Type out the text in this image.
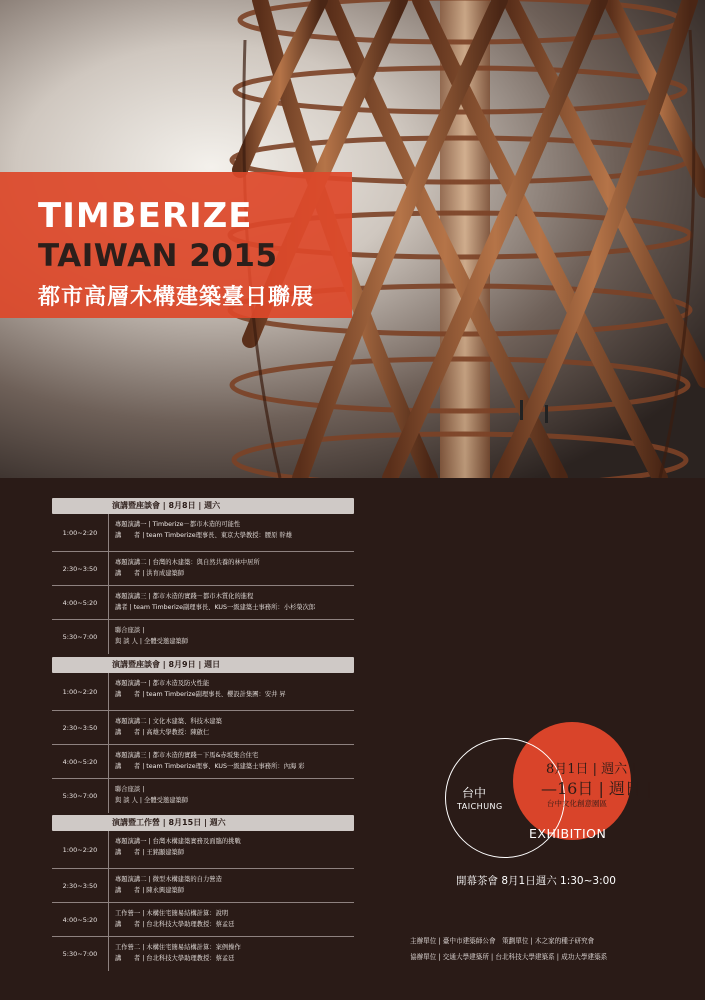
TIMBERIZE
TAIWAN 2015
都市高層木構建築臺日聯展
演講暨座談會 | 8月8日 | 週六
1:00~2:20
專題演講一 | Timberize－都市木造的可能性
講　　者 | team Timberize理事長、東京大學教授：腰原 幹雄
2:30~3:50
專題演講二 | 台灣的木建築：與自然共養的林中居所
講　　者 | 洪育成建築師
4:00~5:20
專題演講三 | 都市木造的實踐－都市木質化的進程
講者 | team Timberize副理事長、KUS一級建築士事務所：小杉榮次郎
5:30~7:00
聯合座談 |
與 談 人 | 全體受邀建築師
演講暨座談會 | 8月9日 | 週日
1:00~2:20
專題演講一 | 都市木造及防火性能
講　　者 | team Timberize副理事長、櫻設計集團：安井 昇
2:30~3:50
專題演講二 | 文化木建築、科技木建築
講　　者 | 高雄大學教授：陳啟仁
4:00~5:20
專題演講三 | 都市木造的實踐－下馬&赤坂集合住宅
講　　者 | team Timberize理事、KUS一級建築士事務所：內海 彩
5:30~7:00
聯合座談 |
與 談 人 | 全體受邀建築師
演講暨工作營 | 8月15日 | 週六
1:00~2:20
專題演講一 | 台灣木構建築實務及面臨的挑戰
講　　者 | 王銘顯建築師
2:30~3:50
專題演講二 | 微型木構建築的自力營造
講　　者 | 陳永興建築師
4:00~5:20
工作營一 | 木構住宅簡易結構計算：說明
講　　者 | 台北科技大學助理教授：蔡孟廷
5:30~7:00
工作營二 | 木構住宅簡易結構計算：案例操作
講　　者 | 台北科技大學助理教授：蔡孟廷
台中
TAICHUNG
8月1日 | 週六 |
—16日 | 週日 |
台中文化創意園區
EXHIBITION
開幕茶會 8月1日週六 1:30~3:00
主辦單位 | 臺中市建築師公會　策劃單位 | 木之家的種子研究會
協辦單位 | 交通大學建築所 | 台北科技大學建築系 | 成功大學建築系
